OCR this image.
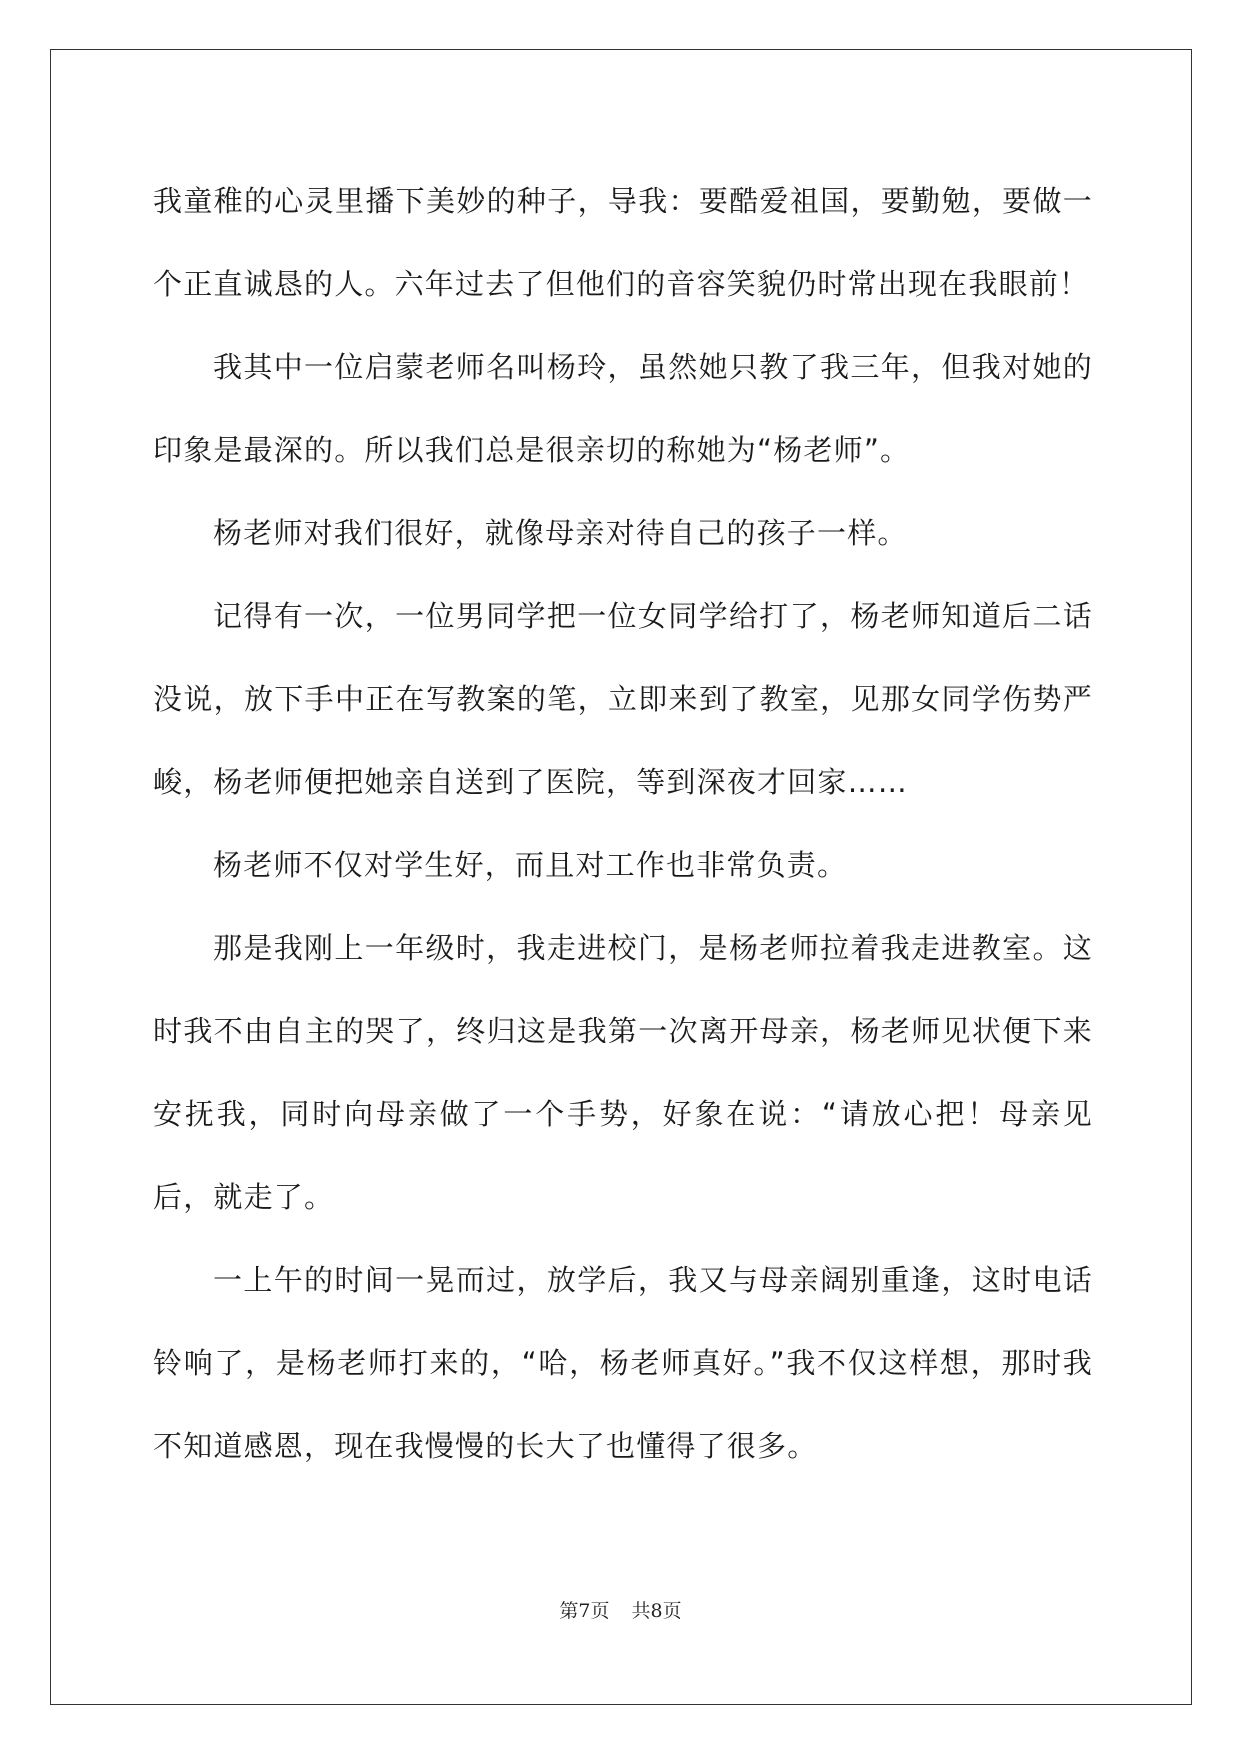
我童稚的心灵里播下美妙的种子，导我：要酷爱祖国，要勤勉，要做一个正直诚恳的人。六年过去了但他们的音容笑貌仍时常出现在我眼前！

我其中一位启蒙老师名叫杨玲，虽然她只教了我三年，但我对她的印象是最深的。所以我们总是很亲切的称她为“杨老师”。

杨老师对我们很好，就像母亲对待自己的孩子一样。

记得有一次，一位男同学把一位女同学给打了，杨老师知道后二话没说，放下手中正在写教案的笔，立即来到了教室，见那女同学伤势严峻，杨老师便把她亲自送到了医院，等到深夜才回家……

杨老师不仅对学生好，而且对工作也非常负责。

那是我刚上一年级时，我走进校门，是杨老师拉着我走进教室。这时我不由自主的哭了，终归这是我第一次离开母亲，杨老师见状便下来安抚我，同时向母亲做了一个手势，好象在说：“请放心把！母亲见后，就走了。

一上午的时间一晃而过，放学后，我又与母亲阔别重逢，这时电话铃响了，是杨老师打来的，“哈，杨老师真好。”我不仅这样想，那时我不知道感恩，现在我慢慢的长大了也懂得了很多。

第7页 共8页
